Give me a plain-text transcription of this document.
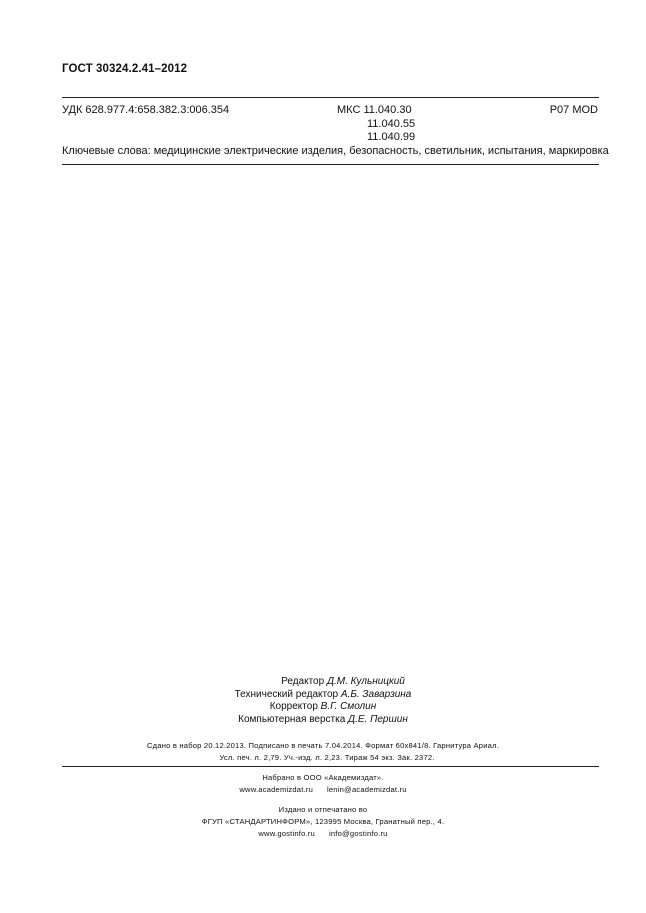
ГОСТ 30324.2.41–2012
УДК 628.977.4:658.382.3:006.354	МКС 11.040.30
11.040.55
11.040.99
Р07 MOD
Ключевые слова: медицинские электрические изделия, безопасность, светильник, испытания, маркировка
Редактор Д.М. Кульницкий
Технический редактор А.Б. Заварзина
Корректор В.Г. Смолин
Компьютерная верстка Д.Е. Першин
Сдано в набор 20.12.2013. Подписано в печать 7.04.2014. Формат 60х841/8. Гарнитура Ариал.
Усл. печ. л. 2,79. Уч.-изд. л. 2,23. Тираж 54 экз. Зак. 2372.
Набрано в ООО «Академиздат».
www.academizdat.ru lenin@academizdat.ru
Издано и отпечатано во
ФГУП «СТАНДАРТИНФОРМ», 123995 Москва, Гранатный пер., 4.
www.gostinfo.ru info@gostinfo.ru
